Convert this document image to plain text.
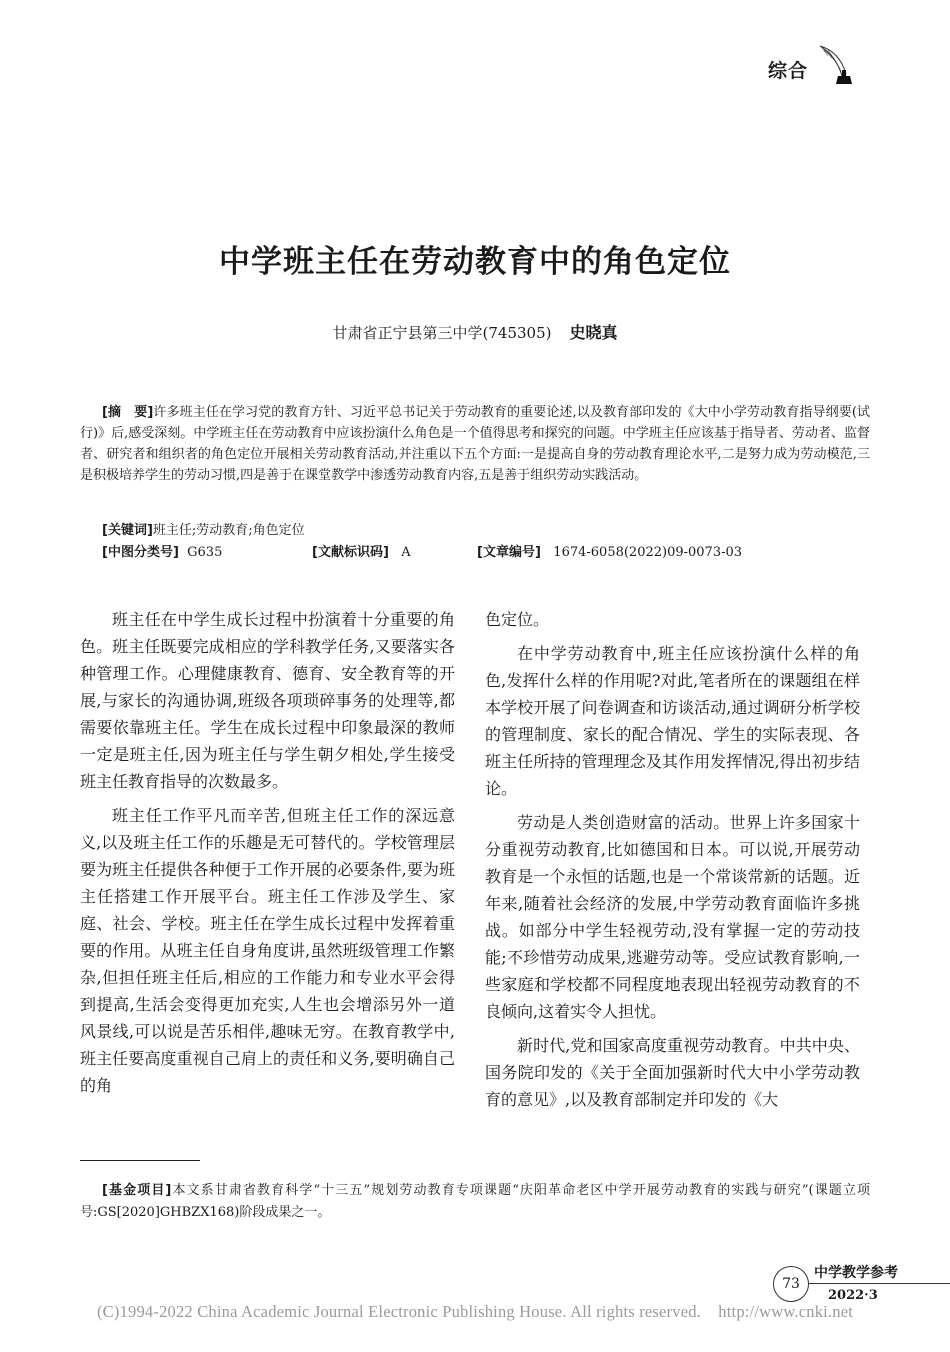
综合
中学班主任在劳动教育中的角色定位
甘肃省正宁县第三中学(745305) 史晓真
[摘　要]许多班主任在学习党的教育方针、习近平总书记关于劳动教育的重要论述,以及教育部印发的《大中小学劳动教育指导纲要(试行)》后,感受深刻。中学班主任在劳动教育中应该扮演什么角色是一个值得思考和探究的问题。中学班主任应该基于指导者、劳动者、监督者、研究者和组织者的角色定位开展相关劳动教育活动,并注重以下五个方面:一是提高自身的劳动教育理论水平,二是努力成为劳动模范,三是积极培养学生的劳动习惯,四是善于在课堂教学中渗透劳动教育内容,五是善于组织劳动实践活动。
[关键词]班主任;劳动教育;角色定位
[中图分类号] G635	[文献标识码] A	[文章编号] 1674-6058(2022)09-0073-03

班主任在中学生成长过程中扮演着十分重要的角色。班主任既要完成相应的学科教学任务,又要落实各种管理工作。心理健康教育、德育、安全教育等的开展,与家长的沟通协调,班级各项琐碎事务的处理等,都需要依靠班主任。学生在成长过程中印象最深的教师一定是班主任,因为班主任与学生朝夕相处,学生接受班主任教育指导的次数最多。

班主任工作平凡而辛苦,但班主任工作的深远意义,以及班主任工作的乐趣是无可替代的。学校管理层要为班主任提供各种便于工作开展的必要条件,要为班主任搭建工作开展平台。班主任工作涉及学生、家庭、社会、学校。班主任在学生成长过程中发挥着重要的作用。从班主任自身角度讲,虽然班级管理工作繁杂,但担任班主任后,相应的工作能力和专业水平会得到提高,生活会变得更加充实,人生也会增添另外一道风景线,可以说是苦乐相伴,趣味无穷。在教育教学中,班主任要高度重视自己肩上的责任和义务,要明确自己的角

色定位。

在中学劳动教育中,班主任应该扮演什么样的角色,发挥什么样的作用呢?对此,笔者所在的课题组在样本学校开展了问卷调查和访谈活动,通过调研分析学校的管理制度、家长的配合情况、学生的实际表现、各班主任所持的管理理念及其作用发挥情况,得出初步结论。

劳动是人类创造财富的活动。世界上许多国家十分重视劳动教育,比如德国和日本。可以说,开展劳动教育是一个永恒的话题,也是一个常谈常新的话题。近年来,随着社会经济的发展,中学劳动教育面临许多挑战。如部分中学生轻视劳动,没有掌握一定的劳动技能;不珍惜劳动成果,逃避劳动等。受应试教育影响,一些家庭和学校都不同程度地表现出轻视劳动教育的不良倾向,这着实令人担忧。

新时代,党和国家高度重视劳动教育。中共中央、国务院印发的《关于全面加强新时代大中小学劳动教育的意见》,以及教育部制定并印发的《大

[基金项目]本文系甘肃省教育科学“十三五”规划劳动教育专项课题“庆阳革命老区中学开展劳动教育的实践与研究”(课题立项号:GS[2020]GHBZX168)阶段成果之一。
73
中学教学参考
2022·3
(C)1994-2022 China Academic Journal Electronic Publishing House. All rights reserved.    http://www.cnki.net
